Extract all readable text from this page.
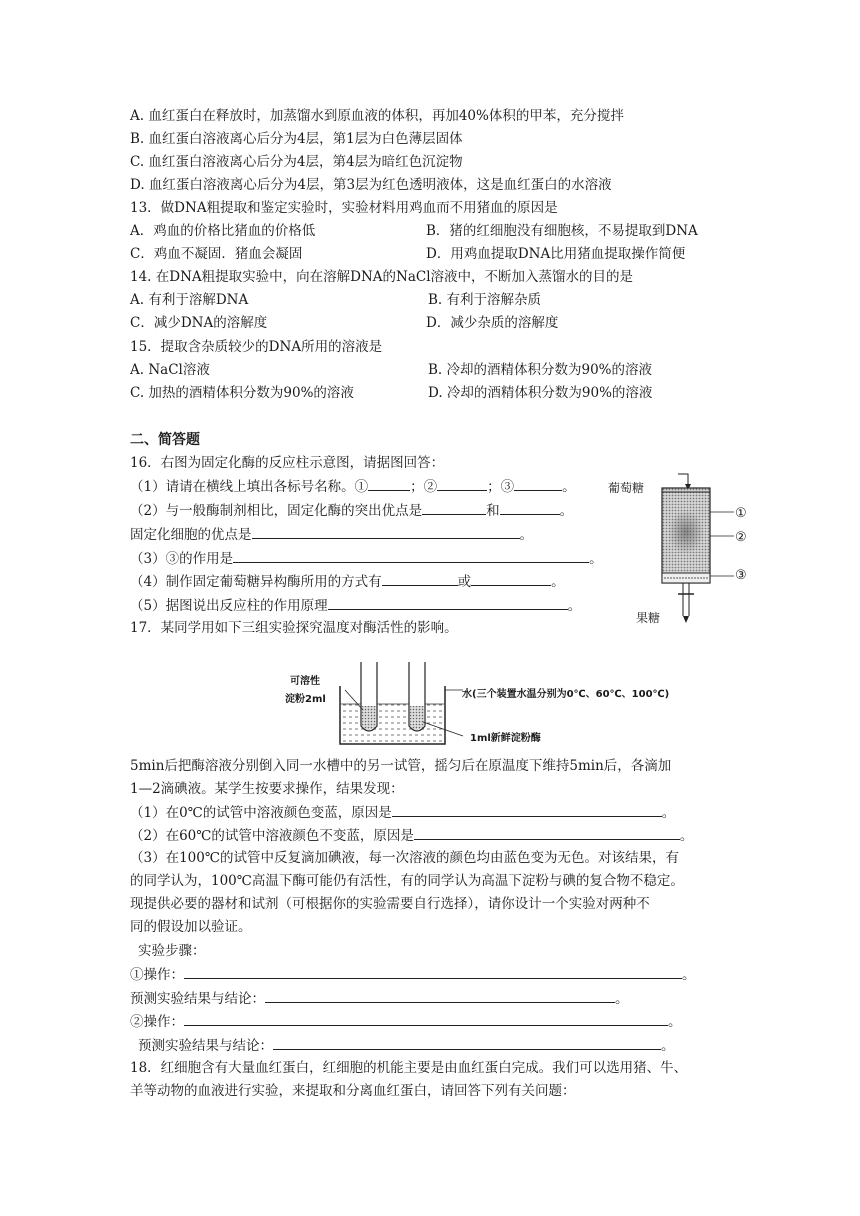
A. 血红蛋白在释放时，加蒸馏水到原血液的体积，再加40%体积的甲苯，充分搅拌
B. 血红蛋白溶液离心后分为4层，第1层为白色薄层固体
C. 血红蛋白溶液离心后分为4层，第4层为暗红色沉淀物
D. 血红蛋白溶液离心后分为4层，第3层为红色透明液体，这是血红蛋白的水溶液
13．做DNA粗提取和鉴定实验时，实验材料用鸡血而不用猪血的原因是
A．鸡血的价格比猪血的价格低	B．猪的红细胞没有细胞核，不易提取到DNA
C．鸡血不凝固．猪血会凝固	D．用鸡血提取DNA比用猪血提取操作简便
14. 在DNA粗提取实验中，向在溶解DNA的NaCl溶液中，不断加入蒸馏水的目的是
A. 有利于溶解DNA	B. 有利于溶解杂质
C．减少DNA的溶解度	D．减少杂质的溶解度
15．提取含杂质较少的DNA所用的溶液是
A. NaCl溶液	B. 冷却的酒精体积分数为90%的溶液
C. 加热的酒精体积分数为90%的溶液	D. 冷却的酒精体积分数为90%的溶液
二、简答题
16．右图为固定化酶的反应柱示意图，请据图回答：
（1）请请在横线上填出各标号名称。①	；②	；③	。
（2）与一般酶制剂相比，固定化酶的突出优点是	和	。
固定化细胞的优点是	。
（3）③的作用是	。
（4）制作固定葡萄糖异构酶所用的方式有	或	。
（5）据图说出反应柱的作用原理	。
葡萄糖
果糖
①
②
③
17．某同学用如下三组实验探究温度对酶活性的影响。
可溶性
淀粉2ml	水(三个装置水温分别为0℃、60℃、100℃)
1ml新鲜淀粉酶
5min后把酶溶液分别倒入同一水槽中的另一试管，摇匀后在原温度下维持5min后，各滴加
1—2滴碘液。某学生按要求操作，结果发现：
（1）在0℃的试管中溶液颜色变蓝，原因是	。
（2）在60℃的试管中溶液颜色不变蓝，原因是	。
（3）在100℃的试管中反复滴加碘液，每一次溶液的颜色均由蓝色变为无色。对该结果，有
的同学认为，100℃高温下酶可能仍有活性，有的同学认为高温下淀粉与碘的复合物不稳定。
现提供必要的器材和试剂（可根据你的实验需要自行选择），请你设计一个实验对两种不
同的假设加以验证。
实验步骤：
①操作：	。
预测实验结果与结论：	。
②操作：	。
预测实验结果与结论：	。
18．红细胞含有大量血红蛋白，红细胞的机能主要是由血红蛋白完成。我们可以选用猪、牛、
羊等动物的血液进行实验，来提取和分离血红蛋白，请回答下列有关问题：
